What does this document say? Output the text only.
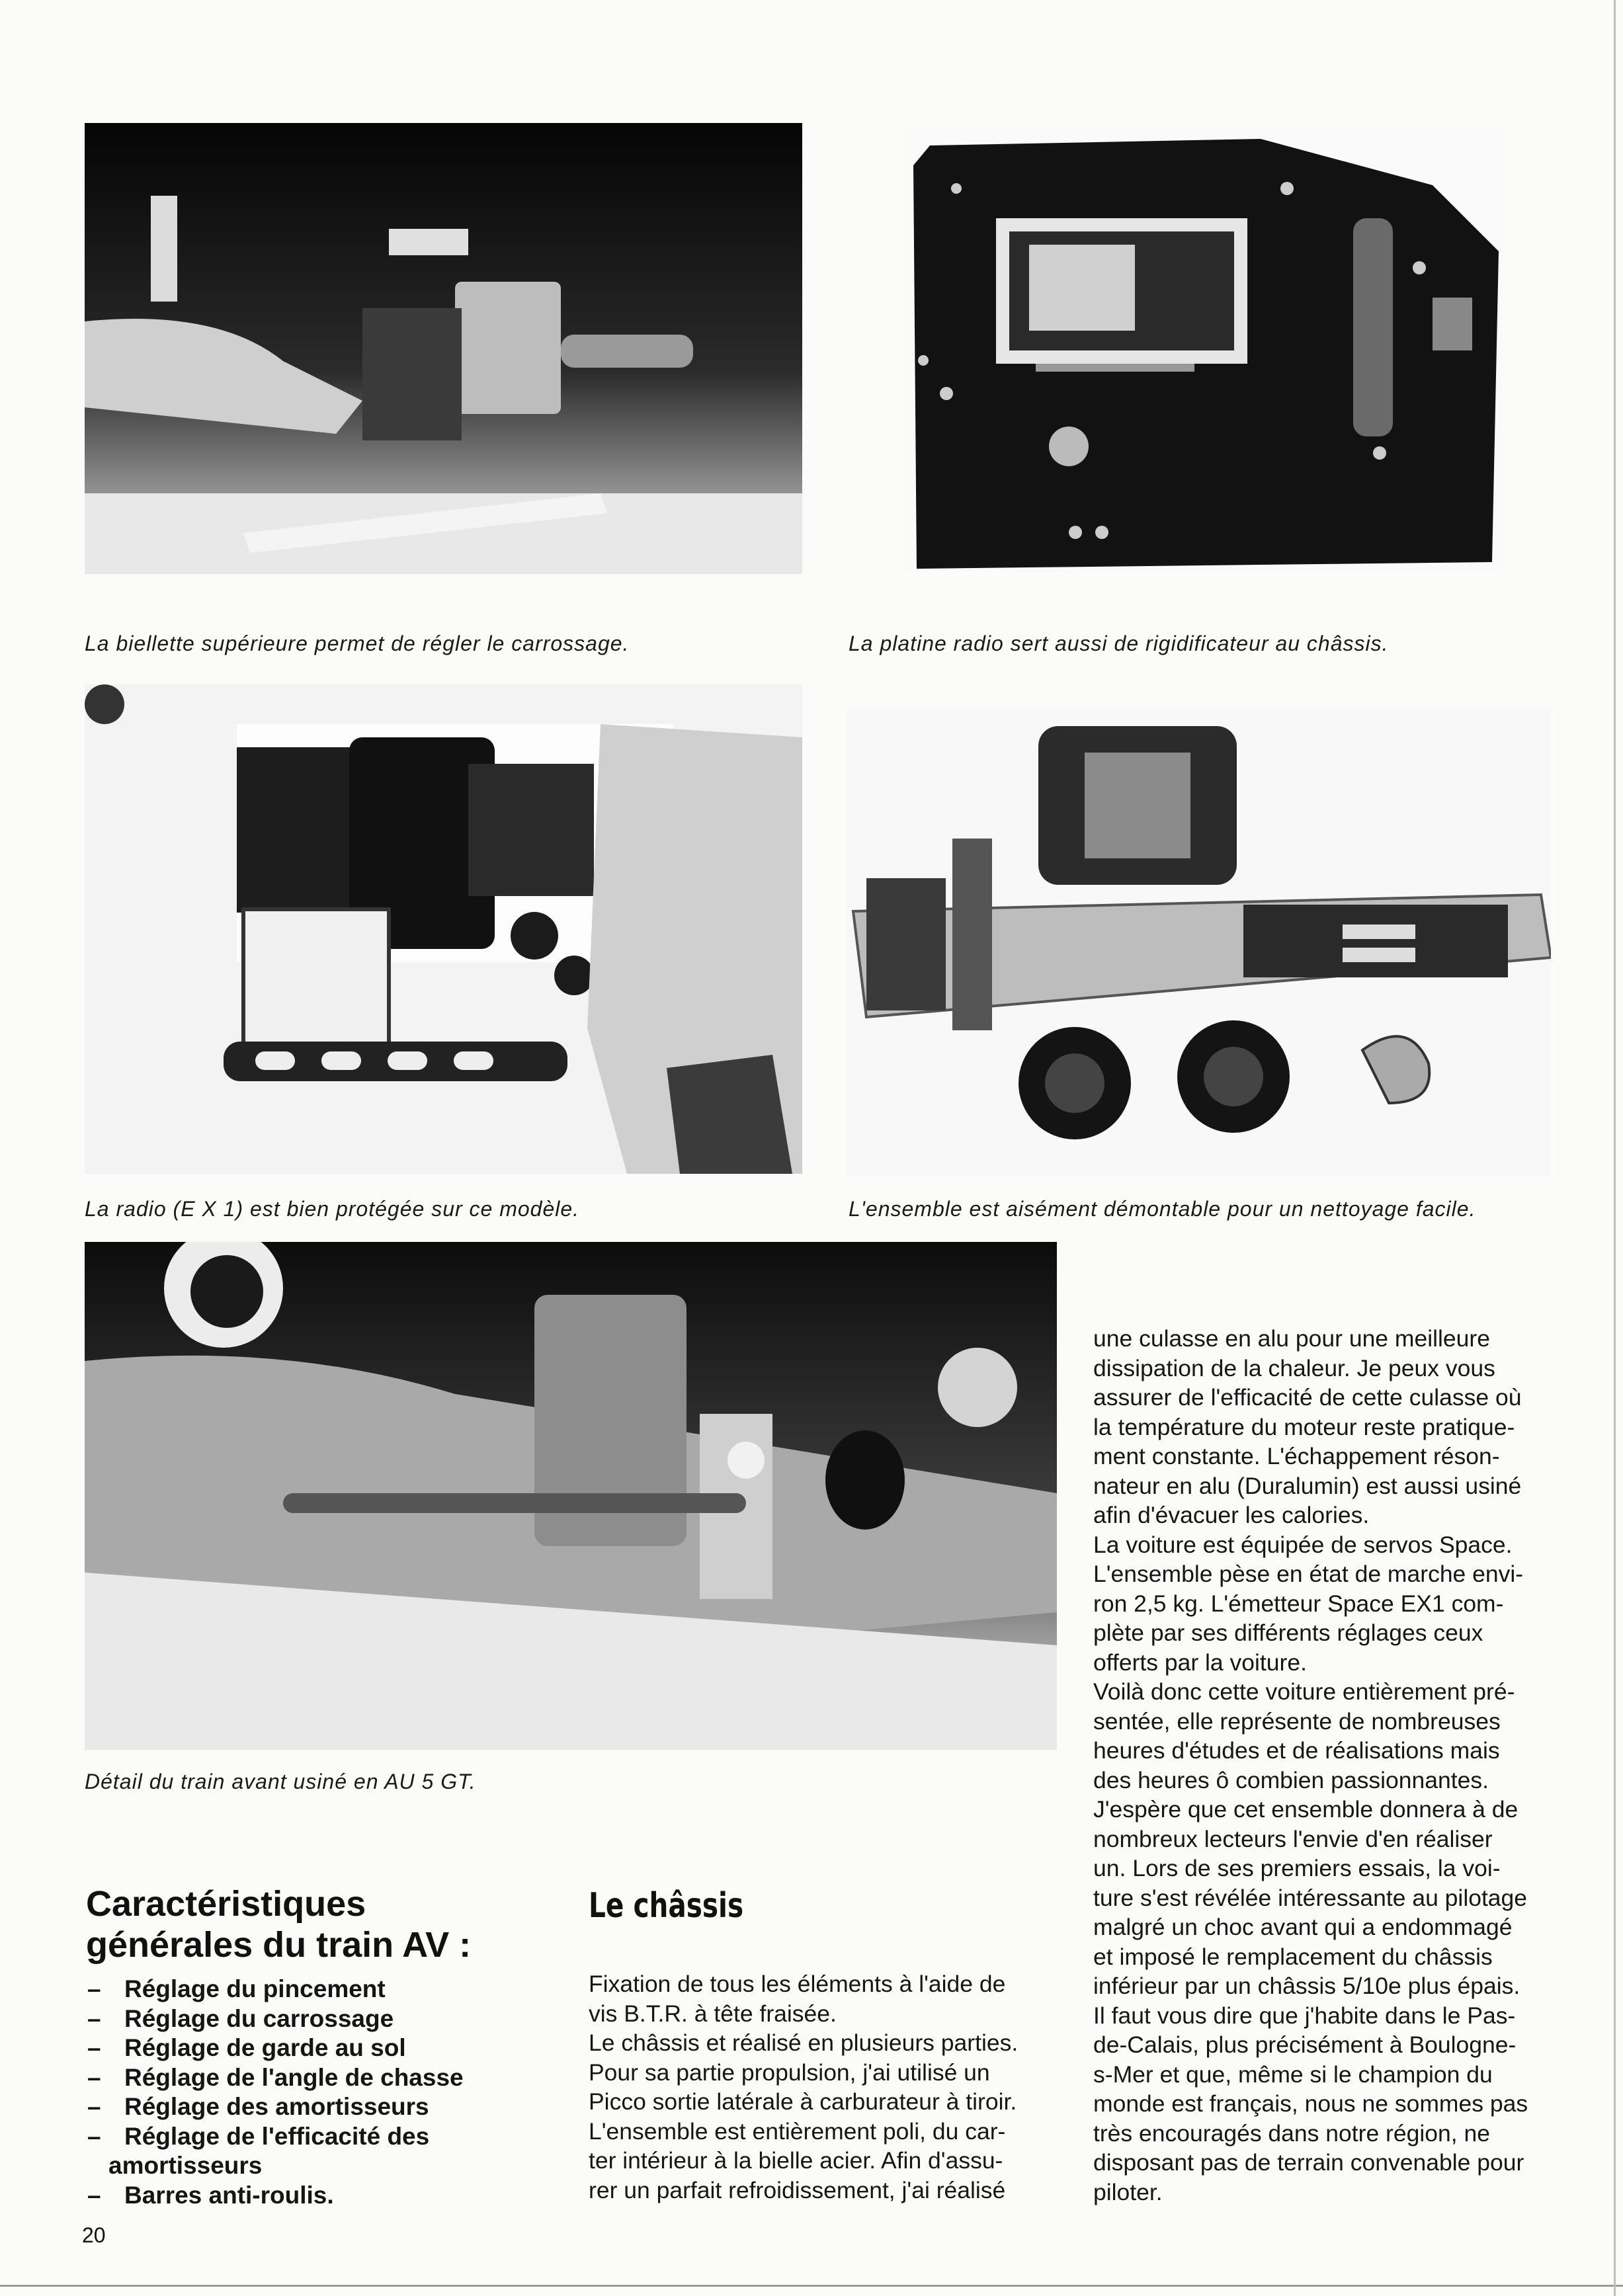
La biellette supérieure permet de régler le carrossage.	La platine radio sert aussi de rigidificateur au châssis.
La radio (E X 1) est bien protégée sur ce modèle.	L'ensemble est aisément démontable pour un nettoyage facile.
Détail du train avant usiné en AU 5 GT.

une culasse en alu pour une meilleure

dissipation de la chaleur. Je peux vous

assurer de l'efficacité de cette culasse où

la température du moteur reste pratique-

ment constante. L'échappement réson-

nateur en alu (Duralumin) est aussi usiné

afin d'évacuer les calories.

La voiture est équipée de servos Space.

L'ensemble pèse en état de marche envi-

ron 2,5 kg. L'émetteur Space EX1 com-

plète par ses différents réglages ceux

offerts par la voiture.

Voilà donc cette voiture entièrement pré-

sentée, elle représente de nombreuses

heures d'études et de réalisations mais

des heures ô combien passionnantes.

J'espère que cet ensemble donnera à de

nombreux lecteurs l'envie d'en réaliser

un. Lors de ses premiers essais, la voi-

ture s'est révélée intéressante au pilotage

malgré un choc avant qui a endommagé

et imposé le remplacement du châssis

inférieur par un châssis 5/10e plus épais.

Il faut vous dire que j'habite dans le Pas-

de-Calais, plus précisément à Boulogne-

s-Mer et que, même si le champion du

monde est français, nous ne sommes pas

très encouragés dans notre région, ne

disposant pas de terrain convenable pour

piloter.

Caractéristiques
générales du train AV :
– Réglage du pincement
– Réglage du carrossage
– Réglage de garde au sol
– Réglage de l'angle de chasse
– Réglage des amortisseurs
– Réglage de l'efficacité des
amortisseurs
– Barres anti-roulis.
Le châssis

Fixation de tous les éléments à l'aide de

vis B.T.R. à tête fraisée.

Le châssis et réalisé en plusieurs parties.

Pour sa partie propulsion, j'ai utilisé un

Picco sortie latérale à carburateur à tiroir.

L'ensemble est entièrement poli, du car-

ter intérieur à la bielle acier. Afin d'assu-

rer un parfait refroidissement, j'ai réalisé

20
